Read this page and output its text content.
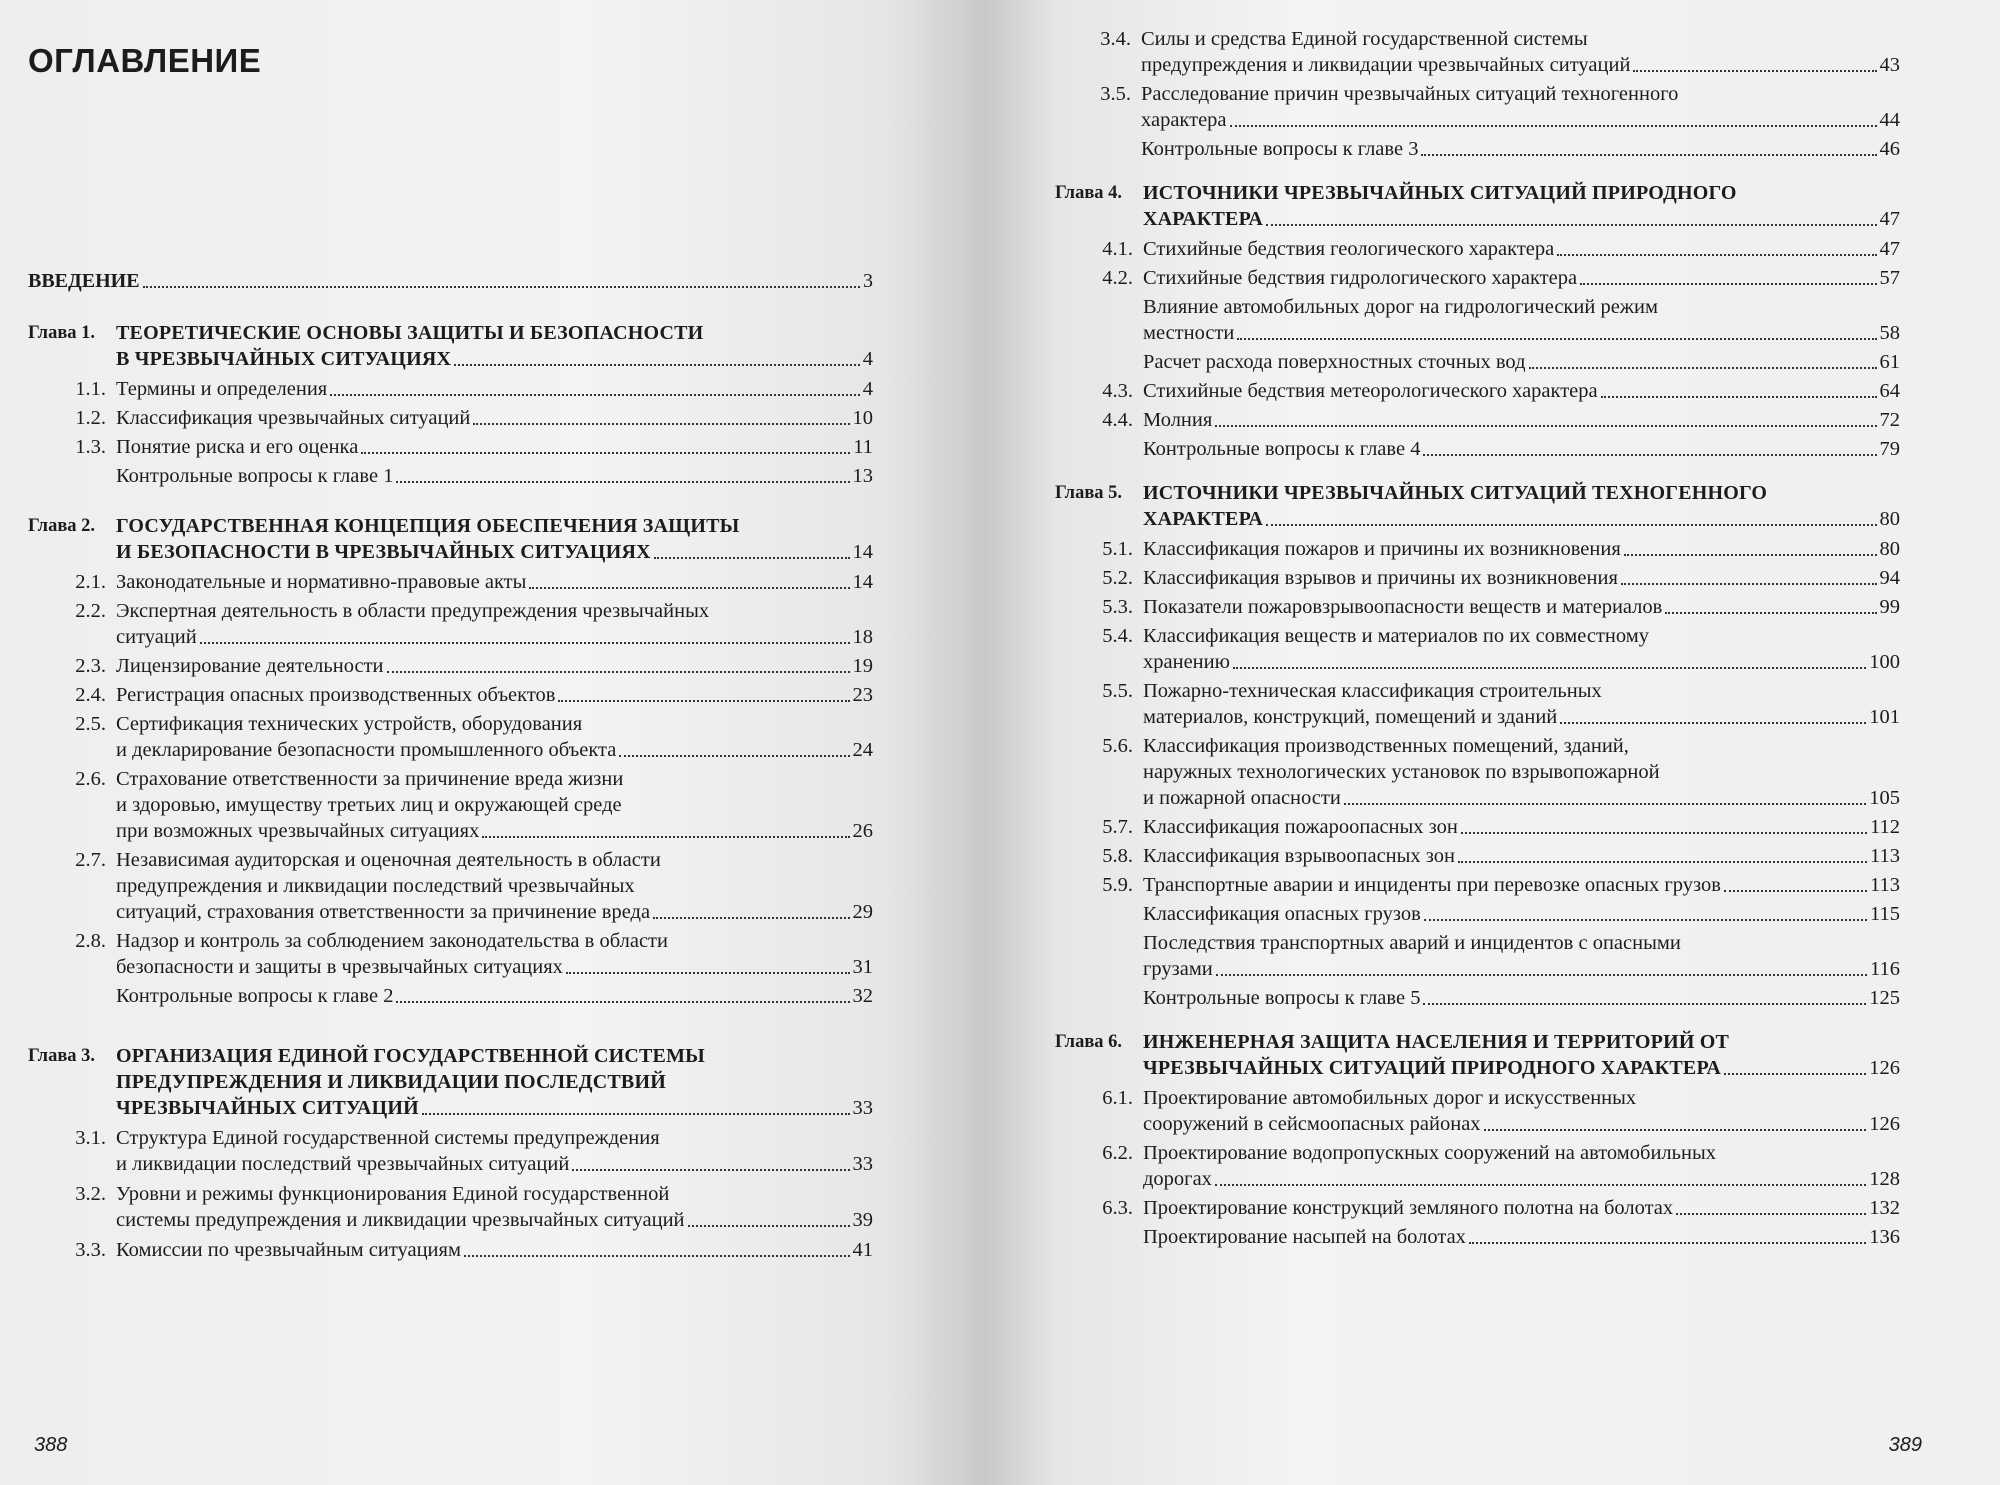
ОГЛАВЛЕНИЕ
ВВЕДЕНИЕ	3
Глава 1.	ТЕОРЕТИЧЕСКИЕ ОСНОВЫ ЗАЩИТЫ И БЕЗОПАСНОСТИ
В ЧРЕЗВЫЧАЙНЫХ СИТУАЦИЯХ	4
1.1. Термины и определения	4
1.2. Классификация чрезвычайных ситуаций	10
1.3. Понятие риска и его оценка	11
Контрольные вопросы к главе 1	13
Глава 2.	ГОСУДАРСТВЕННАЯ КОНЦЕПЦИЯ ОБЕСПЕЧЕНИЯ ЗАЩИТЫ
И БЕЗОПАСНОСТИ В ЧРЕЗВЫЧАЙНЫХ СИТУАЦИЯХ	14
2.1. Законодательные и нормативно-правовые акты	14
2.2. Экспертная деятельность в области предупреждения чрезвычайных
ситуаций	18
2.3. Лицензирование деятельности	19
2.4. Регистрация опасных производственных объектов	23
2.5. Сертификация технических устройств, оборудования
и декларирование безопасности промышленного объекта	24
2.6. Страхование ответственности за причинение вреда жизни
и здоровью, имуществу третьих лиц и окружающей среде
при возможных чрезвычайных ситуациях	26
2.7. Независимая аудиторская и оценочная деятельность в области
предупреждения и ликвидации последствий чрезвычайных
ситуаций, страхования ответственности за причинение вреда	29
2.8. Надзор и контроль за соблюдением законодательства в области
безопасности и защиты в чрезвычайных ситуациях	31
Контрольные вопросы к главе 2	32
Глава 3.	ОРГАНИЗАЦИЯ ЕДИНОЙ ГОСУДАРСТВЕННОЙ СИСТЕМЫ
ПРЕДУПРЕЖДЕНИЯ И ЛИКВИДАЦИИ ПОСЛЕДСТВИЙ
ЧРЕЗВЫЧАЙНЫХ СИТУАЦИЙ	33
3.1. Структура Единой государственной системы предупреждения
и ликвидации последствий чрезвычайных ситуаций	33
3.2. Уровни и режимы функционирования Единой государственной
системы предупреждения и ликвидации чрезвычайных ситуаций	39
3.3. Комиссии по чрезвычайным ситуациям	41
388
3.4. Силы и средства Единой государственной системы
предупреждения и ликвидации чрезвычайных ситуаций	43
3.5. Расследование причин чрезвычайных ситуаций техногенного
характера	44
Контрольные вопросы к главе 3	46
Глава 4.	ИСТОЧНИКИ ЧРЕЗВЫЧАЙНЫХ СИТУАЦИЙ ПРИРОДНОГО
ХАРАКТЕРА	47
4.1. Стихийные бедствия геологического характера	47
4.2. Стихийные бедствия гидрологического характера	57
Влияние автомобильных дорог на гидрологический режим
местности	58
Расчет расхода поверхностных сточных вод	61
4.3. Стихийные бедствия метеорологического характера	64
4.4. Молния	72
Контрольные вопросы к главе 4	79
Глава 5.	ИСТОЧНИКИ ЧРЕЗВЫЧАЙНЫХ СИТУАЦИЙ ТЕХНОГЕННОГО
ХАРАКТЕРА	80
5.1. Классификация пожаров и причины их возникновения	80
5.2. Классификация взрывов и причины их возникновения	94
5.3. Показатели пожаровзрывоопасности веществ и материалов	99
5.4. Классификация веществ и материалов по их совместному
хранению	100
5.5. Пожарно-техническая классификация строительных
материалов, конструкций, помещений и зданий	101
5.6. Классификация производственных помещений, зданий,
наружных технологических установок по взрывопожарной
и пожарной опасности	105
5.7. Классификация пожароопасных зон	112
5.8. Классификация взрывоопасных зон	113
5.9. Транспортные аварии и инциденты при перевозке опасных грузов	113
Классификация опасных грузов	115
Последствия транспортных аварий и инцидентов с опасными
грузами	116
Контрольные вопросы к главе 5	125
Глава 6.	ИНЖЕНЕРНАЯ ЗАЩИТА НАСЕЛЕНИЯ И ТЕРРИТОРИЙ ОТ
ЧРЕЗВЫЧАЙНЫХ СИТУАЦИЙ ПРИРОДНОГО ХАРАКТЕРА	126
6.1. Проектирование автомобильных дорог и искусственных
сооружений в сейсмоопасных районах	126
6.2. Проектирование водопропускных сооружений на автомобильных
дорогах	128
6.3. Проектирование конструкций земляного полотна на болотах	132
Проектирование насыпей на болотах	136
389
